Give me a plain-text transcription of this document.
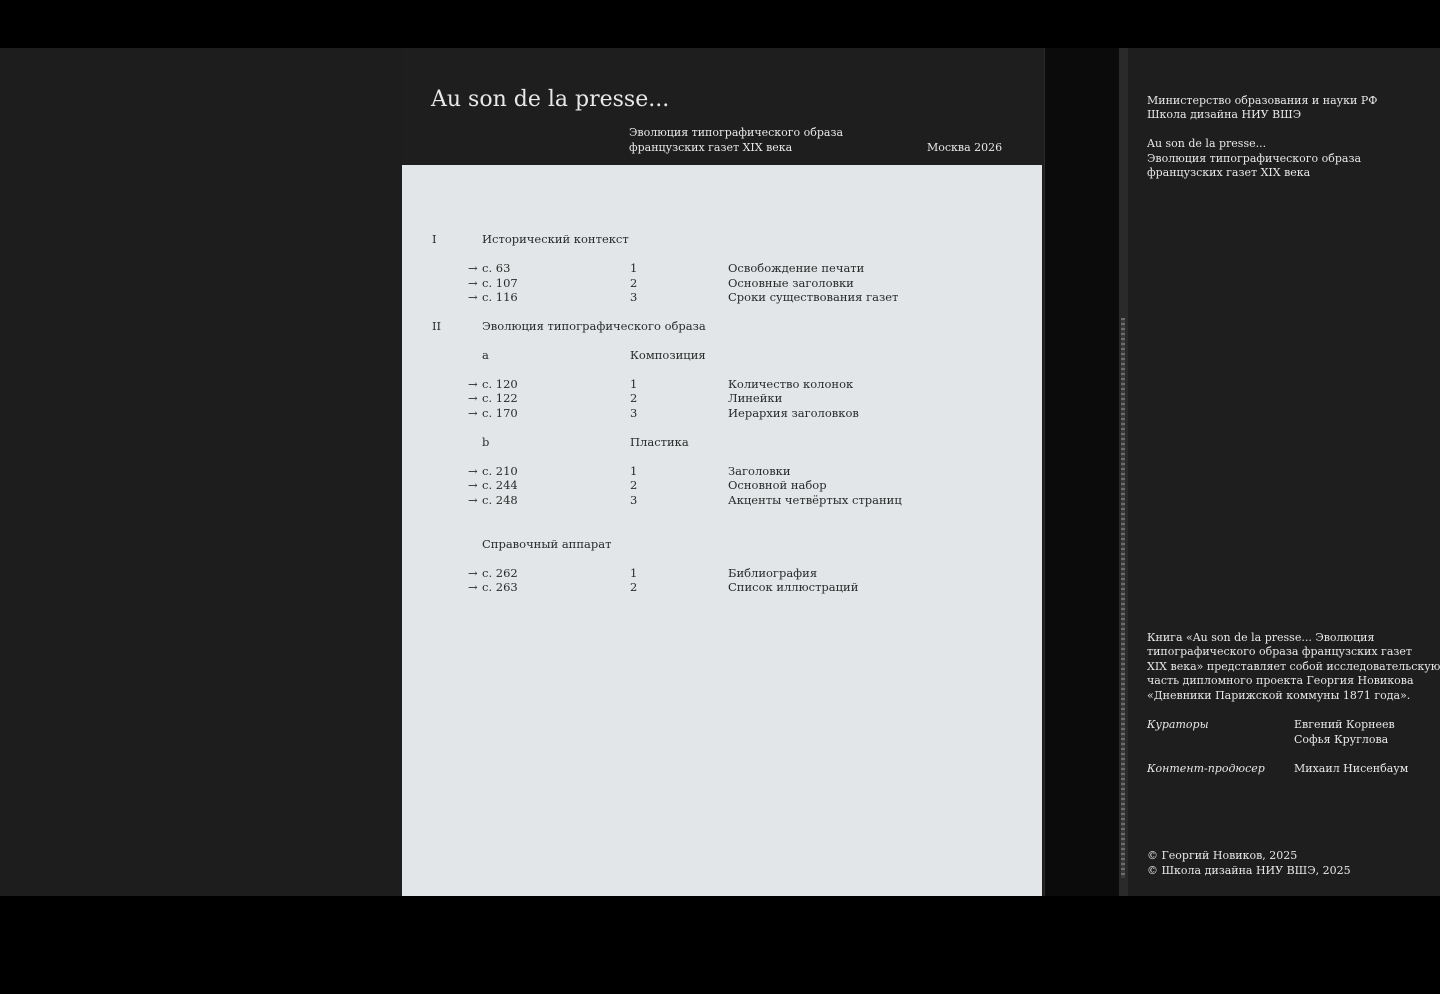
Au son de la presse...
Эволюция типографического образа
французских газет XIX века	Москва 2026
I	Исторический контекст
→ с. 63	1	Освобождение печати
→ с. 107	2	Основные заголовки
→ с. 116	3	Сроки существования газет
II	Эволюция типографического образа
a	Композиция
→ с. 120	1	Количество колонок
→ с. 122	2	Линейки
→ с. 170	3	Иерархия заголовков
b	Пластика
→ с. 210	1	Заголовки
→ с. 244	2	Основной набор
→ с. 248	3	Акценты четвёртых страниц
Справочный аппарат
→ с. 262	1	Библиография
→ с. 263	2	Список иллюстраций
Министерство образования и науки РФ
Школа дизайна НИУ ВШЭ
Au son de la presse...
Эволюция типографического образа
французских газет XIX века
Книга «Au son de la presse... Эволюция
типографического образа французских газет
XIX века» представляет собой исследовательскую
часть дипломного проекта Георгия Новикова
«Дневники Парижской коммуны 1871 года».
Кураторы	Евгений Корнеев
Софья Круглова
Контент-продюсер	Михаил Нисенбаум
© Георгий Новиков, 2025
© Школа дизайна НИУ ВШЭ, 2025
